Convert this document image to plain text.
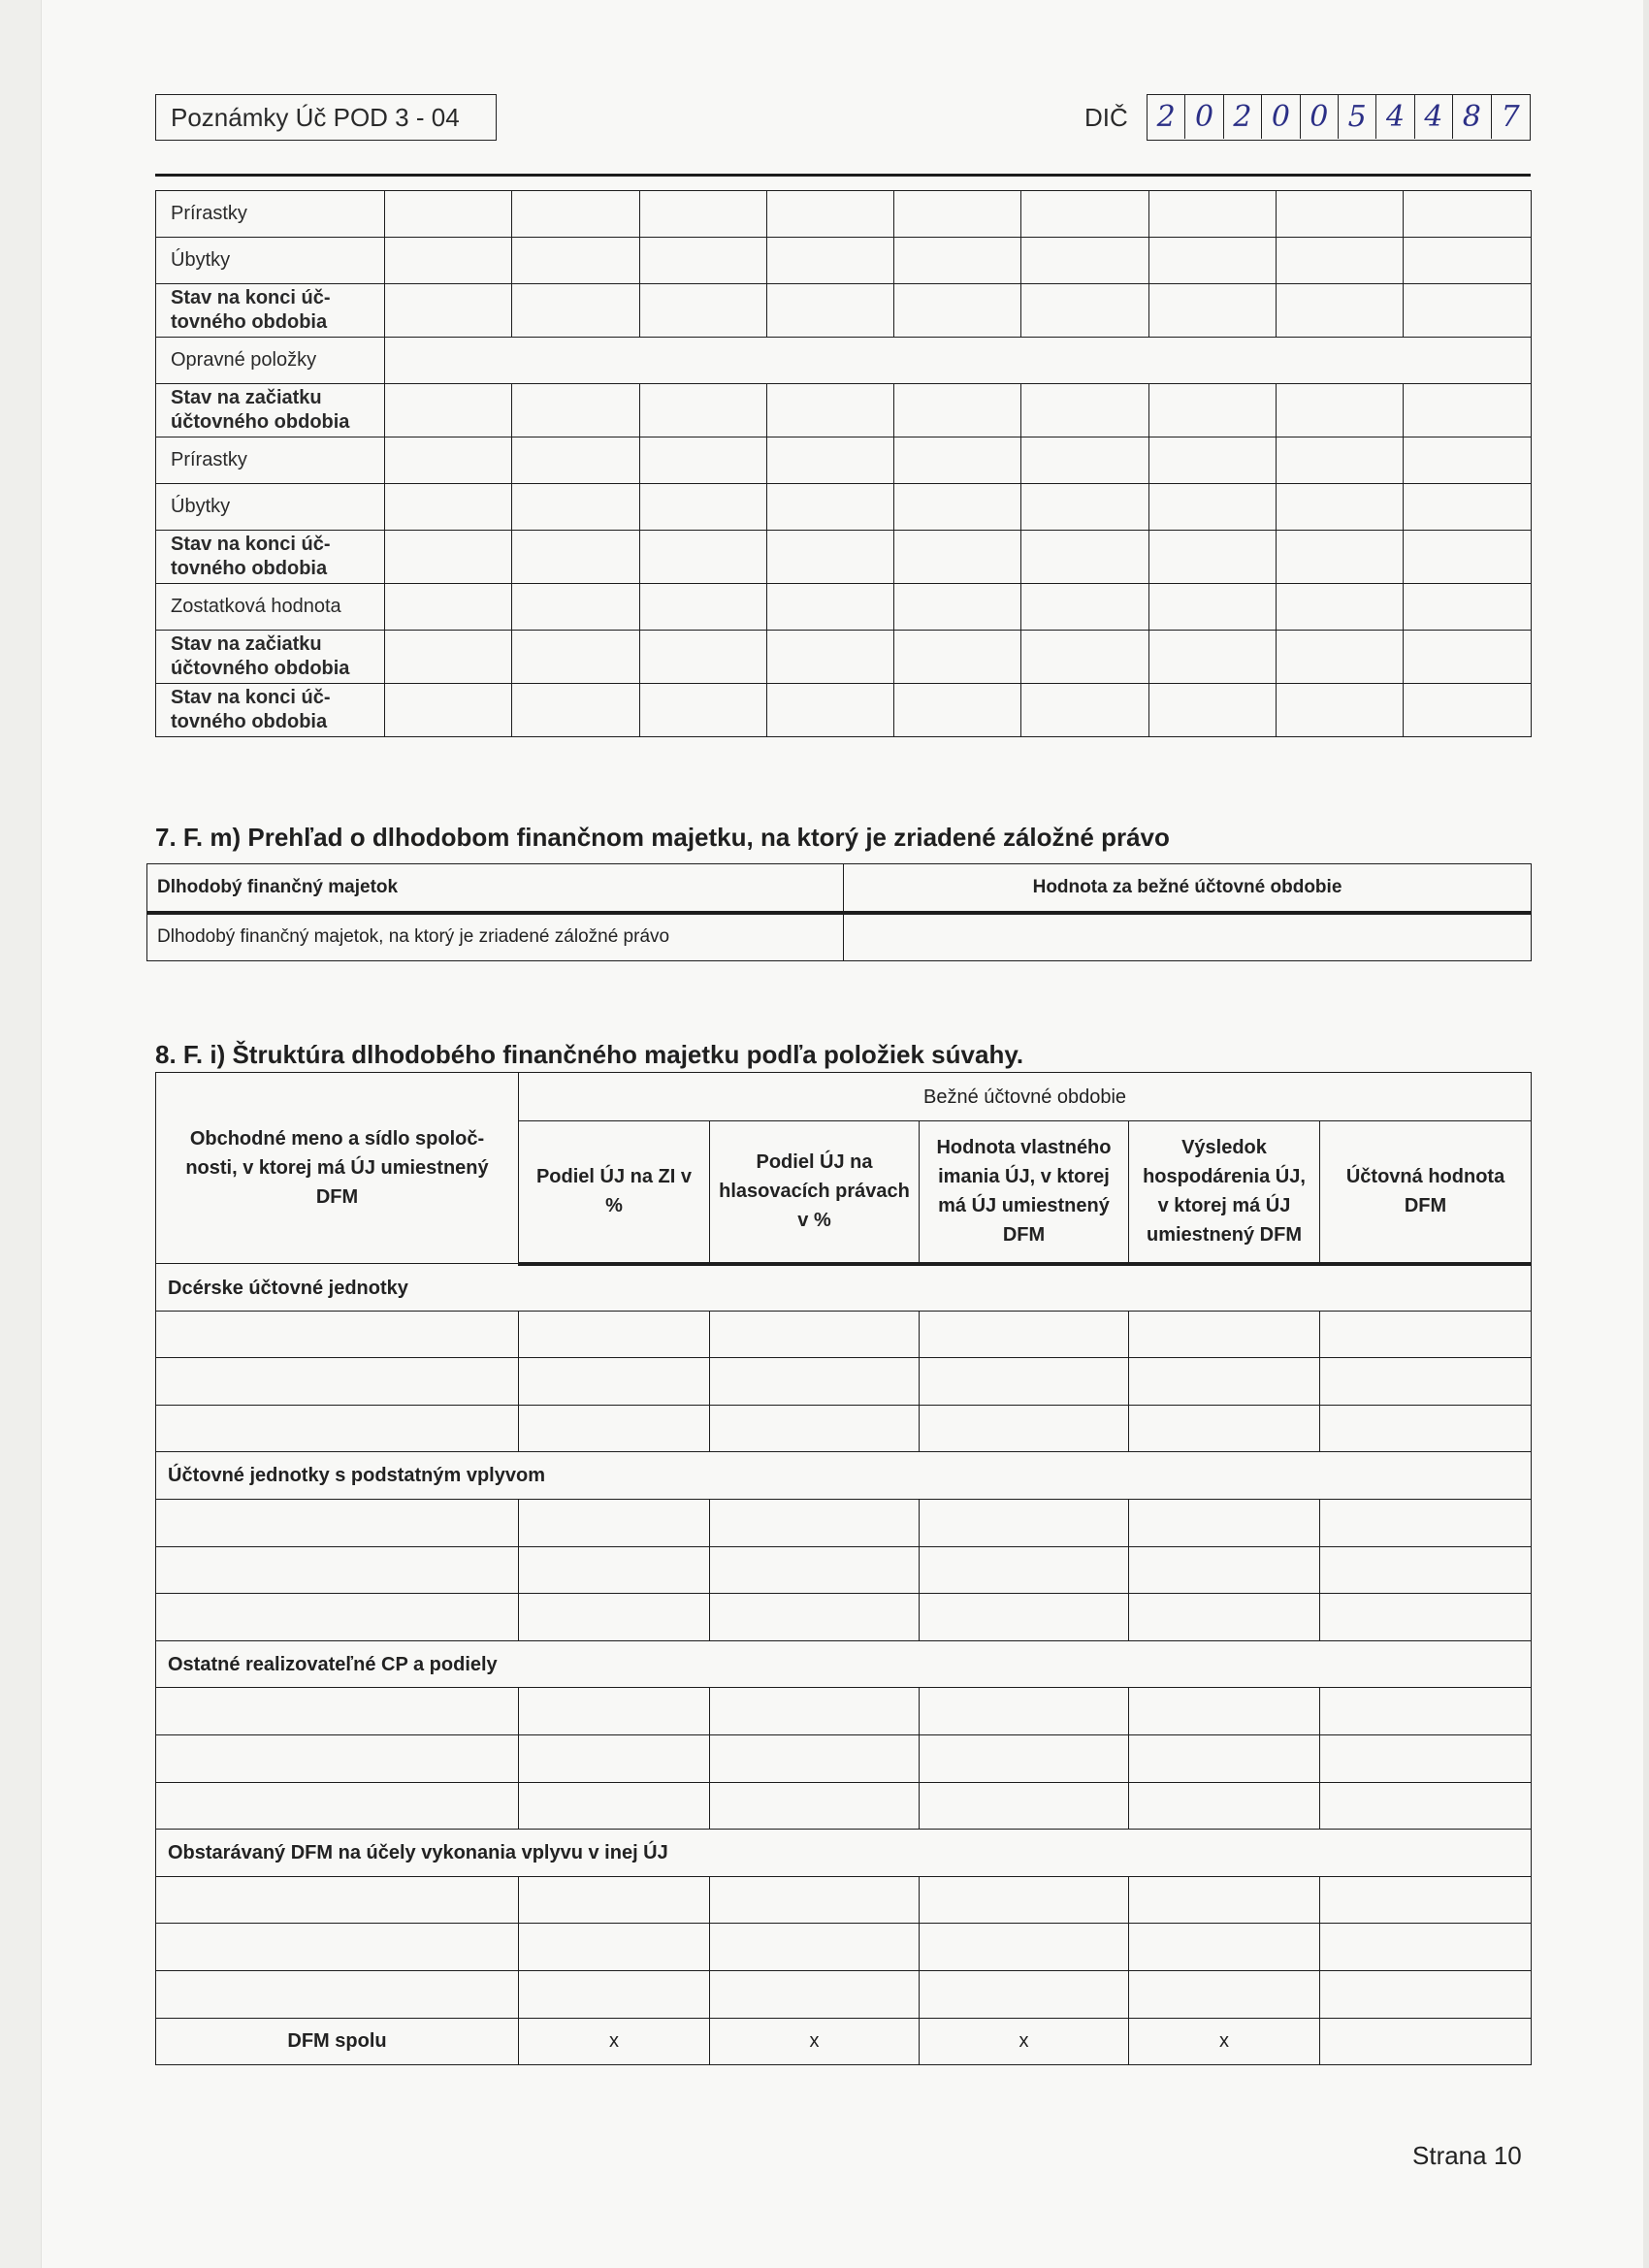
Poznámky Úč POD 3 - 04	DIČ 2 0 2 0 0 5 4 4 8 7
Prírastky									
Úbytky									
Stav na konci úč-tovného obdobia									
Opravné položky									
Stav na začiatku účtovného obdobia									
Prírastky									
Úbytky									
Stav na konci úč-tovného obdobia									
Zostatková hodnota									
Stav na začiatku účtovného obdobia									
Stav na konci úč-tovného obdobia									
7. F. m) Prehľad o dlhodobom finančnom majetku, na ktorý je zriadené záložné právo
Dlhodobý finančný majetok	Hodnota za bežné účtovné obdobie
Dlhodobý finančný majetok, na ktorý je zriadené záložné právo	
8. F. i) Štruktúra dlhodobého finančného majetku podľa položiek súvahy.
Obchodné meno a sídlo spoloč-nosti, v ktorej má ÚJ umiestnený DFM	Bežné účtovné obdobie				
	Podiel ÚJ na ZI v %	Podiel ÚJ na hlasovacích právach v %	Hodnota vlastného imania ÚJ, v ktorej má ÚJ umiestnený DFM	Výsledok hospodárenia ÚJ, v ktorej má ÚJ umiestnený DFM	Účtovná hodnota DFM
Dcérske účtovné jednotky					

Účtovné jednotky s podstatným vplyvom					

Ostatné realizovateľné CP a podiely					

Obstarávaný DFM na účely vykonania vplyvu v inej ÚJ					

DFM spolu	x	x	x	x	
Strana 10
